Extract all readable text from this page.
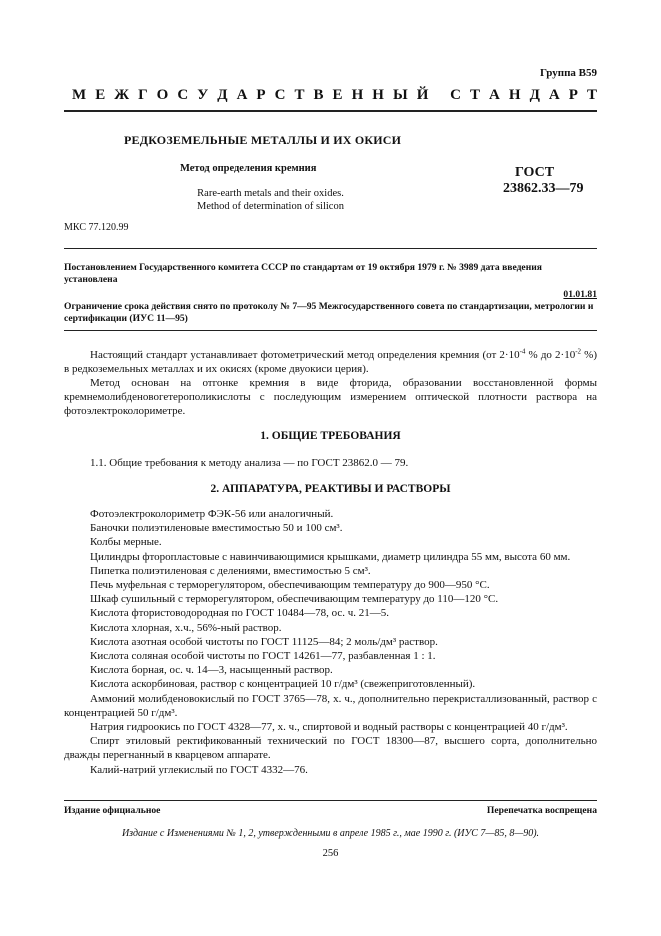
Группа В59
М Е Ж Г О С У Д А Р С Т В Е Н Н Ы Й
С Т А Н Д А Р Т
РЕДКОЗЕМЕЛЬНЫЕ МЕТАЛЛЫ И ИХ ОКИСИ
Метод определения кремния
Rare-earth metals and their oxides.
Method of determination of silicon
ГОСТ
23862.33—79
МКС 77.120.99
Постановлением Государственного комитета СССР по стандартам от 19 октября 1979 г. № 3989 дата введения установлена
01.01.81
Ограничение срока действия снято по протоколу № 7—95 Межгосударственного совета по стандартизации, метрологии и сертификации (ИУС 11—95)
Настоящий стандарт устанавливает фотометрический метод определения кремния (от $2\cdot 10^{-4}$ % до $2\cdot 10^{-2}$ %) в редкоземельных металлах и их окисях (кроме двуокиси церия).
Метод основан на отгонке кремния в виде фторида, образовании восстановленной формы кремнемолибденовогетерополикислоты с последующим измерением оптической плотности раствора на фотоэлектроколориметре.
1. ОБЩИЕ ТРЕБОВАНИЯ
1.1. Общие требования к методу анализа — по ГОСТ 23862.0 — 79.
2. АППАРАТУРА, РЕАКТИВЫ И РАСТВОРЫ
Фотоэлектроколориметр ФЭК-56 или аналогичный.
Баночки полиэтиленовые вместимостью 50 и 100 см³.
Колбы мерные.
Цилиндры фторопластовые с навинчивающимися крышками, диаметр цилиндра 55 мм, высота 60 мм.
Пипетка полиэтиленовая с делениями, вместимостью 5 см³.
Печь муфельная с терморегулятором, обеспечивающим температуру до 900—950 °С.
Шкаф сушильный с терморегулятором, обеспечивающим температуру до 110—120 °С.
Кислота фтористоводородная по ГОСТ 10484—78, ос. ч. 21—5.
Кислота хлорная, х.ч., 56%-ный раствор.
Кислота азотная особой чистоты по ГОСТ 11125—84; 2 моль/дм³ раствор.
Кислота соляная особой чистоты по ГОСТ 14261—77, разбавленная 1 : 1.
Кислота борная, ос. ч. 14—3, насыщенный раствор.
Кислота аскорбиновая, раствор с концентрацией 10 г/дм³ (свежеприготовленный).
Аммоний молибденовокислый по ГОСТ 3765—78, х. ч., дополнительно перекристаллизованный, раствор с концентрацией 50 г/дм³.
Натрия гидроокись по ГОСТ 4328—77, х. ч., спиртовой и водный растворы с концентрацией 40 г/дм³.
Спирт этиловый ректификованный технический по ГОСТ 18300—87, высшего сорта, дополнительно дважды перегнанный в кварцевом аппарате.
Калий-натрий углекислый по ГОСТ 4332—76.
Издание официальное	Перепечатка воспрещена
Издание с Изменениями № 1, 2, утвержденными в апреле 1985 г., мае 1990 г. (ИУС 7—85, 8—90).
256
